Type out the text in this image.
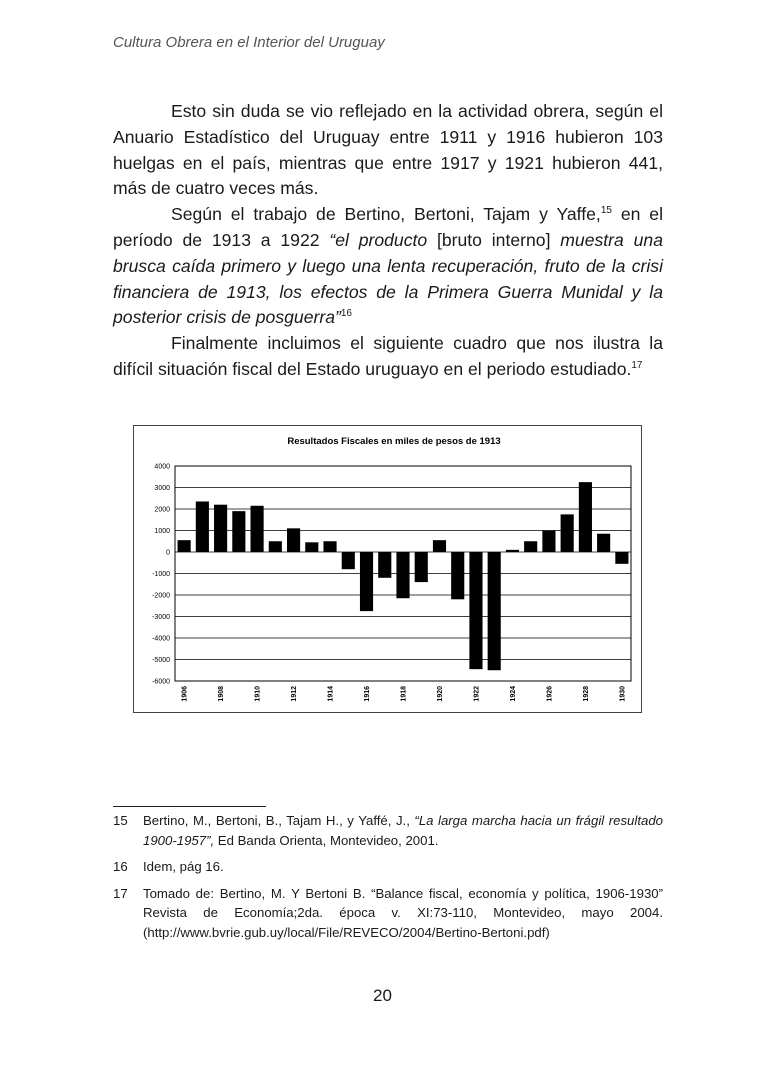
Cultura Obrera en el Interior del Uruguay

Esto sin duda se vio reflejado en la actividad obrera, según el Anuario Estadístico del Uruguay entre 1911 y 1916 hubieron 103 huelgas en el país, mientras que entre 1917 y 1921 hubieron 441, más de cuatro veces más.

Según el trabajo de Bertino, Bertoni, Tajam y Yaffe,$^{15}$ en el período de 1913 a 1922 “el producto [bruto interno] muestra una brusca caída primero y luego una lenta recuperación, fruto de la crisi financiera de 1913, los efectos de la Primera Guerra Munidal y la posterior crisis de posguerra”$^{16}$

Finalmente incluimos el siguiente cuadro que nos ilustra la difícil situación fiscal del Estado uruguayo en el periodo estudiado.$^{17}$

Resultados Fiscales en miles de pesos de 1913
4000
3000
2000
1000
0
-1000
-2000
-3000
-4000
-5000
-6000
1906	1908	1910	1912	1914	1916	1918	1920	1922	1924	1926	1928	1930
15	Bertino, M., Bertoni, B., Tajam H., y Yaffé, J., “La larga marcha hacia un frágil resultado 1900-1957”, Ed Banda Orienta, Montevideo, 2001.
16	Idem, pág 16.
17	Tomado de: Bertino, M. Y Bertoni B. “Balance fiscal, economía y política, 1906-1930” Revista de Economía;2da. época v. XI:73-110, Montevideo, mayo 2004. (http://www.bvrie.gub.uy/local/File/REVECO/2004/Bertino-Bertoni.pdf)
20
